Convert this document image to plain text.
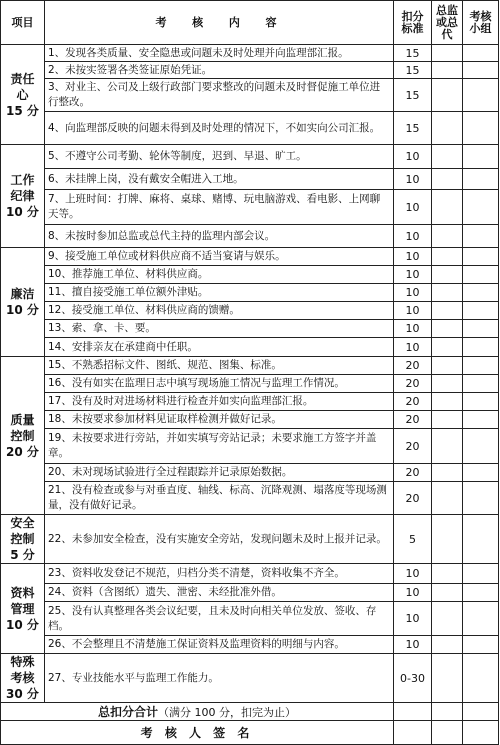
项目	考  核  内  容	扣分标准	总监或总代	考核小组

责任
心
15 分	1、发现各类质量、安全隐患或问题未及时处理并向监理部汇报。	15		
	2、未按实签署各类签证原始凭证。	15		
	3、对业主、公司及上级行政部门要求整改的问题未及时督促施工单位进行整改。	15		
	4、向监理部反映的问题未得到及时处理的情况下，不如实向公司汇报。	15		

工作
纪律
10 分	5、不遵守公司考勤、轮休等制度，迟到、早退、旷工。	10		
	6、未挂牌上岗，没有戴安全帽进入工地。	10		
	7、上班时间：打牌、麻将、桌球、赌博、玩电脑游戏、看电影、上网聊天等。	10		
	8、未按时参加总监或总代主持的监理内部会议。	10		

廉洁
10 分	9、接受施工单位或材料供应商不适当宴请与娱乐。	10		
	10、推荐施工单位、材料供应商。	10		
	11、擅自接受施工单位额外津贴。	10		
	12、接受施工单位、材料供应商的馈赠。	10		
	13、索、拿、卡、要。	10		
	14、安排亲友在承建商中任职。	10		

质量
控制
20 分	15、不熟悉招标文件、图纸、规范、图集、标准。	20		
	16、没有如实在监理日志中填写现场施工情况与监理工作情况。	20		
	17、没有及时对进场材料进行检查并如实向监理部汇报。	20		
	18、未按要求参加材料见证取样检测并做好记录。	20		
	19、未按要求进行旁站，并如实填写旁站记录；未要求施工方签字并盖章。	20		
	20、未对现场试验进行全过程跟踪并记录原始数据。	20		
	21、没有检查或参与对垂直度、轴线、标高、沉降观测、塌落度等现场测量，没有做好记录。	20		

安全
控制
5 分	22、未参加安全检查，没有实施安全旁站，发现问题未及时上报并记录。	5		

资料
管理
10 分	23、资料收发登记不规范，归档分类不清楚，资料收集不齐全。	10		
	24、资料（含图纸）遗失、泄密、未经批准外借。	10		
	25、没有认真整理各类会议纪要，且未及时向相关单位发放、签收、存档。	10		
	26、不会整理且不清楚施工保证资料及监理资料的明细与内容。	10		

特殊
考核
30 分	27、专业技能水平与监理工作能力。	0-30		
总扣分合计（满分 100 分，扣完为止）				
考 核 人 签 名				
